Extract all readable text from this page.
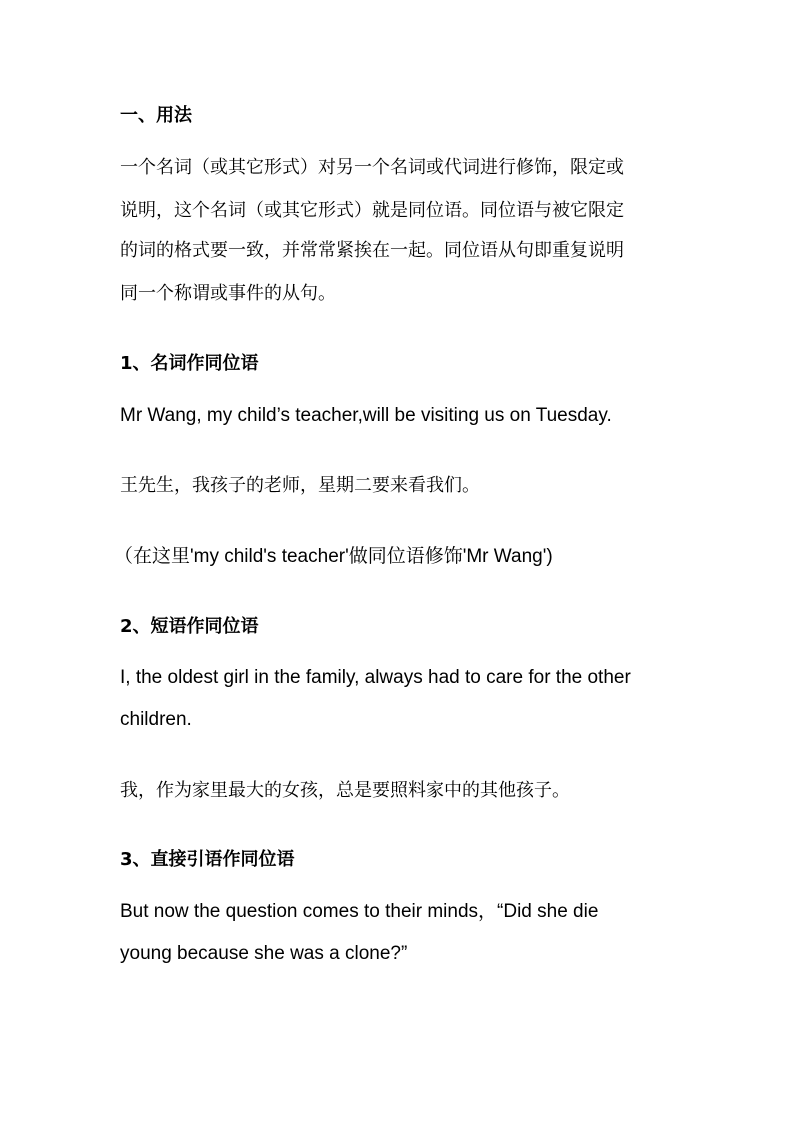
一、用法
一个名词（或其它形式）对另一个名词或代词进行修饰，限定或
说明，这个名词（或其它形式）就是同位语。同位语与被它限定
的词的格式要一致，并常常紧挨在一起。同位语从句即重复说明
同一个称谓或事件的从句。
1、名词作同位语
Mr Wang, my child’s teacher,will be visiting us on Tuesday.
王先生，我孩子的老师，星期二要来看我们。
（在这里'my child's teacher'做同位语修饰'Mr Wang')
2、短语作同位语
I, the oldest girl in the family, always had to care for the other
children.
我，作为家里最大的女孩，总是要照料家中的其他孩子。
3、直接引语作同位语
But now the question comes to their minds，“Did she die
young because she was a clone?”
